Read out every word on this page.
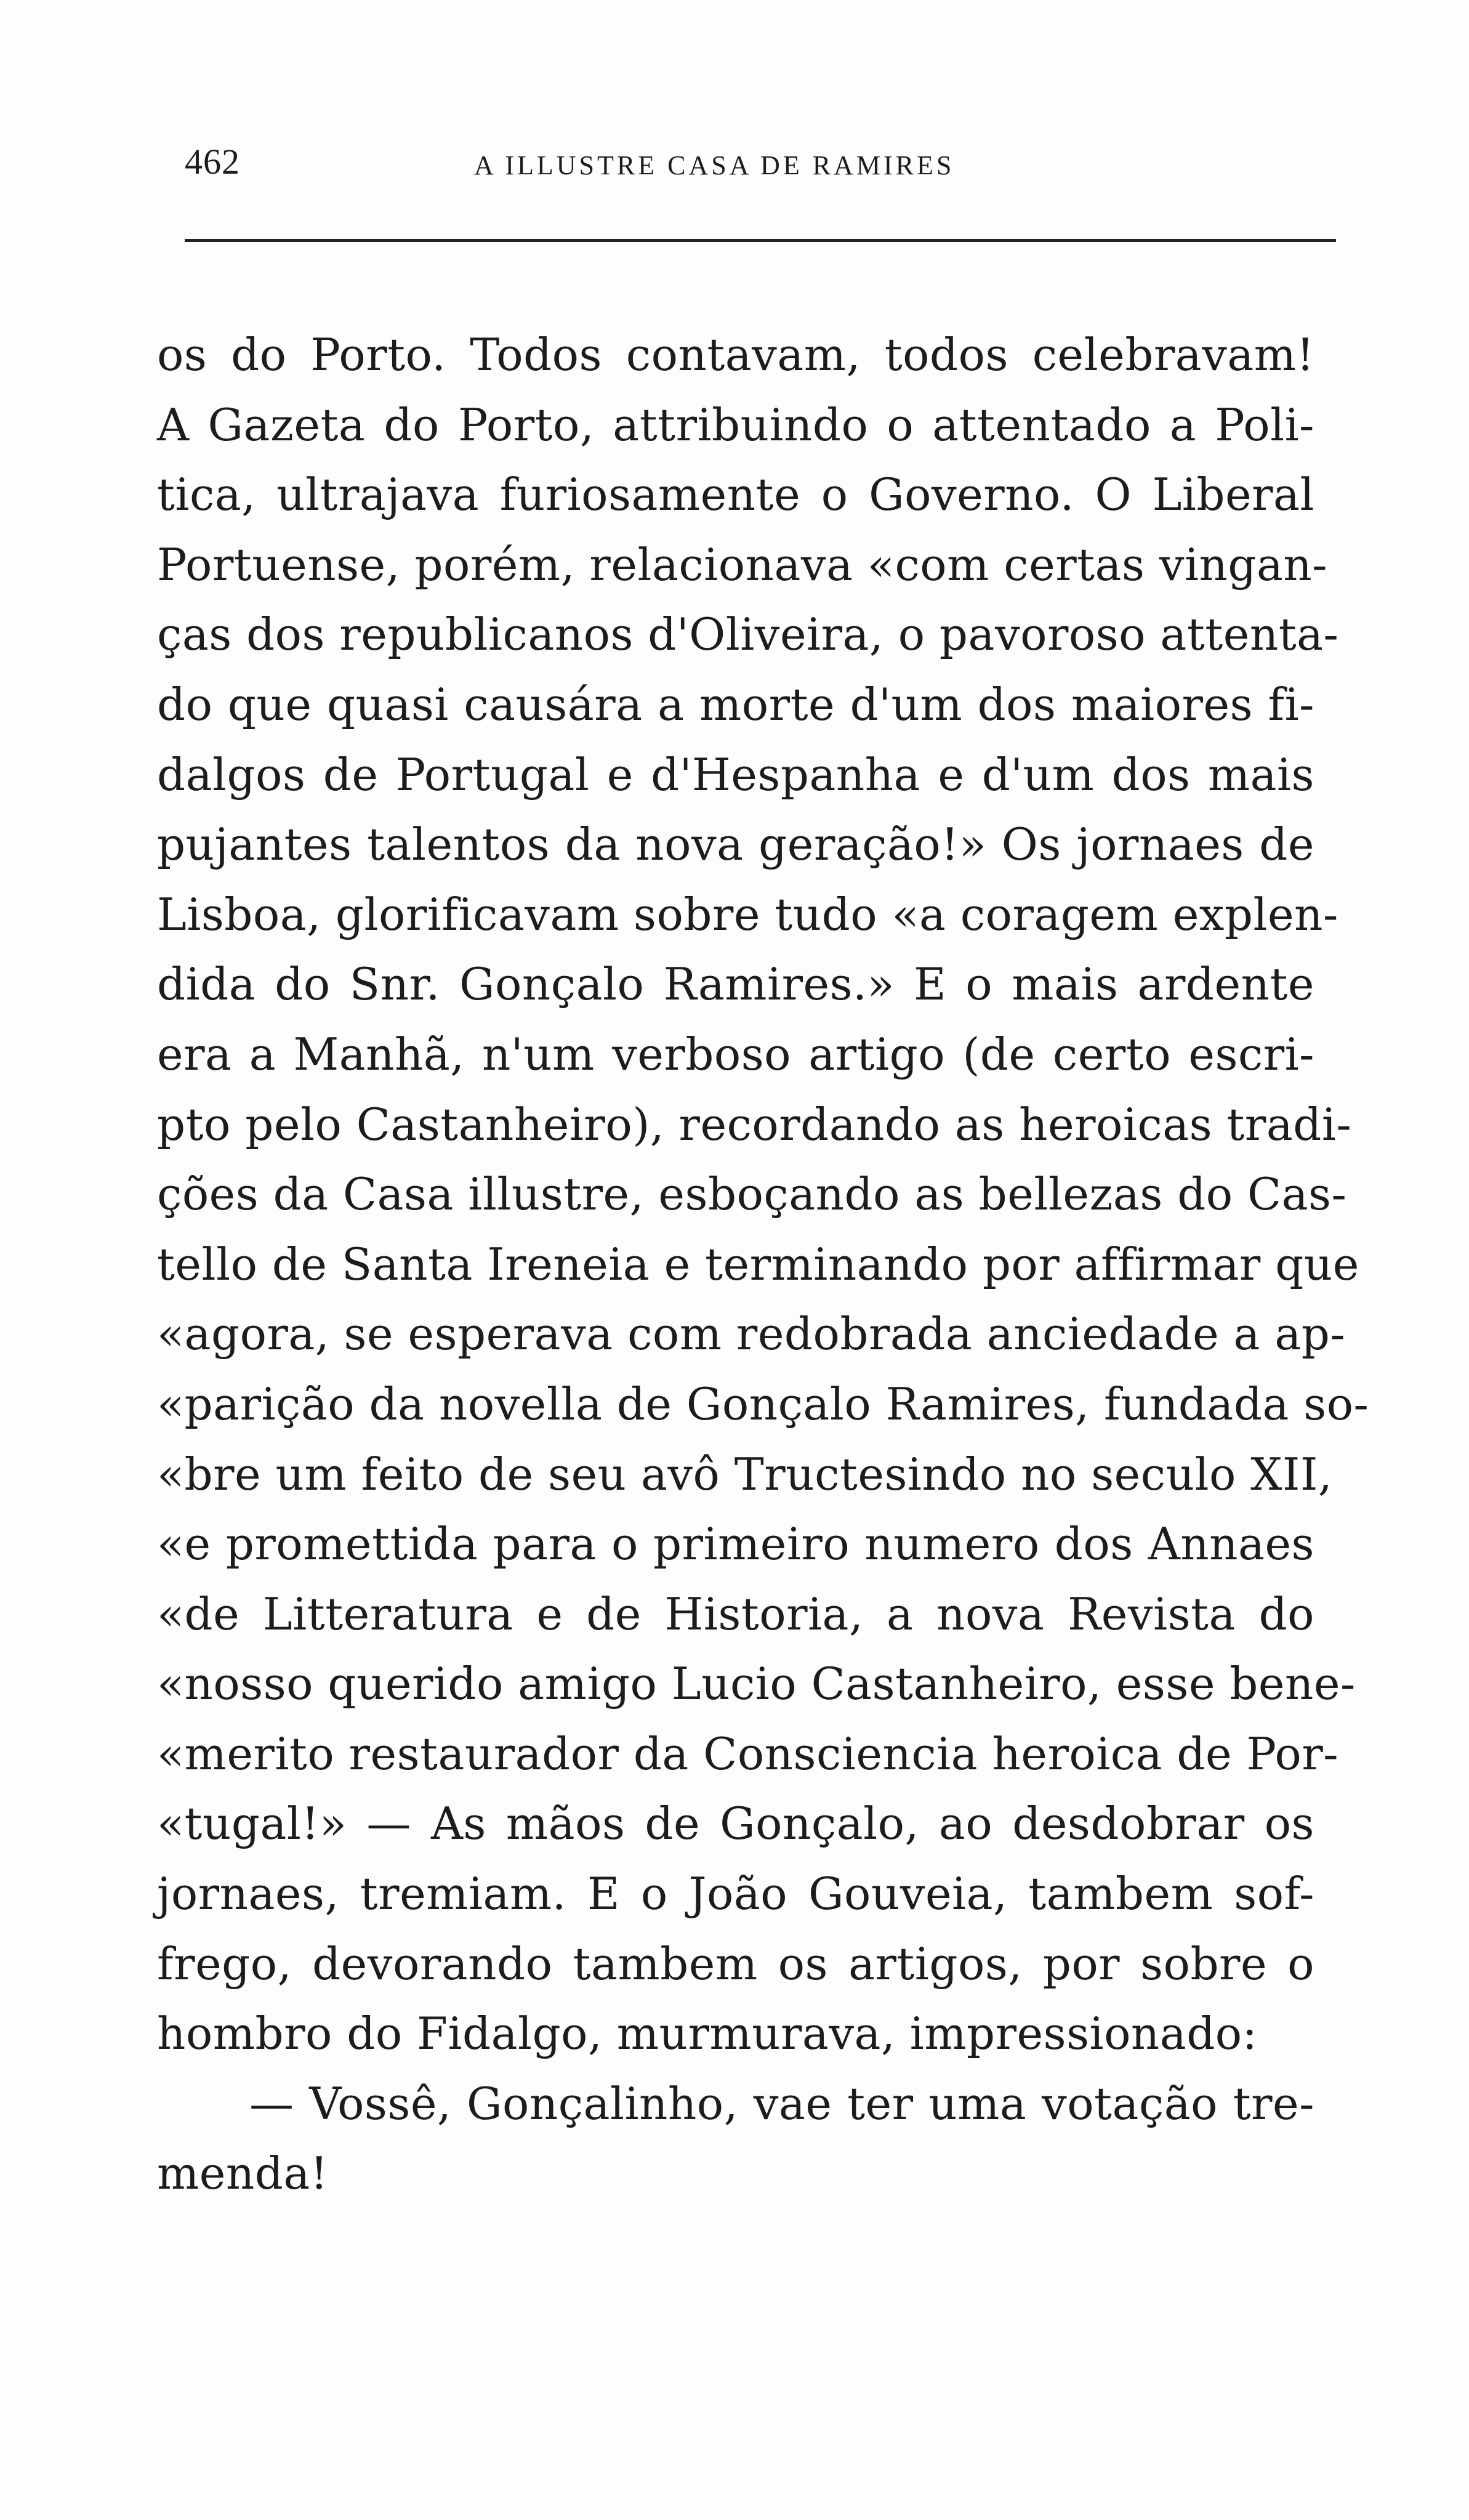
462	A ILLUSTRE CASA DE RAMIRES
os do Porto. Todos contavam, todos celebravam!
A Gazeta do Porto, attribuindo o attentado a Poli-
tica, ultrajava furiosamente o Governo. O Liberal
Portuense, porém, relacionava «com certas vingan-
ças dos republicanos d'Oliveira, o pavoroso attenta-
do que quasi causára a morte d'um dos maiores fi-
dalgos de Portugal e d'Hespanha e d'um dos mais
pujantes talentos da nova geração!» Os jornaes de
Lisboa, glorificavam sobre tudo «a coragem explen-
dida do Snr. Gonçalo Ramires.» E o mais ardente
era a Manhã, n'um verboso artigo (de certo escri-
pto pelo Castanheiro), recordando as heroicas tradi-
ções da Casa illustre, esboçando as bellezas do Cas-
tello de Santa Ireneia e terminando por affirmar que
«agora, se esperava com redobrada anciedade a ap-
«parição da novella de Gonçalo Ramires, fundada so-
«bre um feito de seu avô Tructesindo no seculo XII,
«e promettida para o primeiro numero dos Annaes
«de Litteratura e de Historia, a nova Revista do
«nosso querido amigo Lucio Castanheiro, esse bene-
«merito restaurador da Consciencia heroica de Por-
«tugal!» — As mãos de Gonçalo, ao desdobrar os
jornaes, tremiam. E o João Gouveia, tambem sof-
frego, devorando tambem os artigos, por sobre o
hombro do Fidalgo, murmurava, impressionado:
— Vossê, Gonçalinho, vae ter uma votação tre-
menda!
